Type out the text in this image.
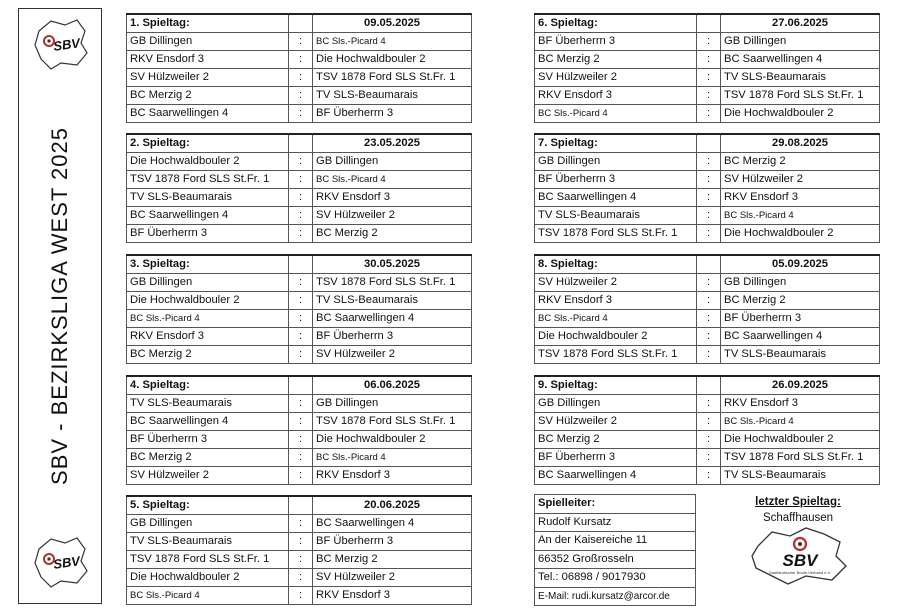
SBV
SBV - BEZIRKSLIGA WEST 2025
SBV
1. Spieltag:		09.05.2025
GB Dillingen	:	BC Sls.-Picard 4
RKV Ensdorf 3	:	Die Hochwaldbouler 2
SV Hülzweiler 2	:	TSV 1878 Ford SLS St.Fr. 1
BC Merzig 2	:	TV SLS-Beaumarais
BC Saarwellingen 4	:	BF Überherrn 3
2. Spieltag:		23.05.2025
Die Hochwaldbouler 2	:	GB Dillingen
TSV 1878 Ford SLS St.Fr. 1	:	BC Sls.-Picard 4
TV SLS-Beaumarais	:	RKV Ensdorf 3
BC Saarwellingen 4	:	SV Hülzweiler 2
BF Überherrn 3	:	BC Merzig 2
3. Spieltag:		30.05.2025
GB Dillingen	:	TSV 1878 Ford SLS St.Fr. 1
Die Hochwaldbouler 2	:	TV SLS-Beaumarais
BC Sls.-Picard 4	:	BC Saarwellingen 4
RKV Ensdorf 3	:	BF Überherrn 3
BC Merzig 2	:	SV Hülzweiler 2
4. Spieltag:		06.06.2025
TV SLS-Beaumarais	:	GB Dillingen
BC Saarwellingen 4	:	TSV 1878 Ford SLS St.Fr. 1
BF Überherrn 3	:	Die Hochwaldbouler 2
BC Merzig 2	:	BC Sls.-Picard 4
SV Hülzweiler 2	:	RKV Ensdorf 3
5. Spieltag:		20.06.2025
GB Dillingen	:	BC Saarwellingen 4
TV SLS-Beaumarais	:	BF Überherrn 3
TSV 1878 Ford SLS St.Fr. 1	:	BC Merzig 2
Die Hochwaldbouler 2	:	SV Hülzweiler 2
BC Sls.-Picard 4	:	RKV Ensdorf 3
6. Spieltag:		27.06.2025
BF Überherrn 3	:	GB Dillingen
BC Merzig 2	:	BC Saarwellingen 4
SV Hülzweiler 2	:	TV SLS-Beaumarais
RKV Ensdorf 3	:	TSV 1878 Ford SLS St.Fr. 1
BC Sls.-Picard 4	:	Die Hochwaldbouler 2
7. Spieltag:		29.08.2025
GB Dillingen	:	BC Merzig 2
BF Überherrn 3	:	SV Hülzweiler 2
BC Saarwellingen 4	:	RKV Ensdorf 3
TV SLS-Beaumarais	:	BC Sls.-Picard 4
TSV 1878 Ford SLS St.Fr. 1	:	Die Hochwaldbouler 2
8. Spieltag:		05.09.2025
SV Hülzweiler 2	:	GB Dillingen
RKV Ensdorf 3	:	BC Merzig 2
BC Sls.-Picard 4	:	BF Überherrn 3
Die Hochwaldbouler 2	:	BC Saarwellingen 4
TSV 1878 Ford SLS St.Fr. 1	:	TV SLS-Beaumarais
9. Spieltag:		26.09.2025
GB Dillingen	:	RKV Ensdorf 3
SV Hülzweiler 2	:	BC Sls.-Picard 4
BC Merzig 2	:	Die Hochwaldbouler 2
BF Überherrn 3	:	TSV 1878 Ford SLS St.Fr. 1
BC Saarwellingen 4	:	TV SLS-Beaumarais
Spielleiter:
Rudolf Kursatz
An der Kaisereiche 11
66352 Großrosseln
Tel.: 06898 / 9017930
E-Mail: rudi.kursatz@arcor.de
letzter Spieltag:
Schaffhausen
SBV
Saarländischer Boule-Verband e.V.
